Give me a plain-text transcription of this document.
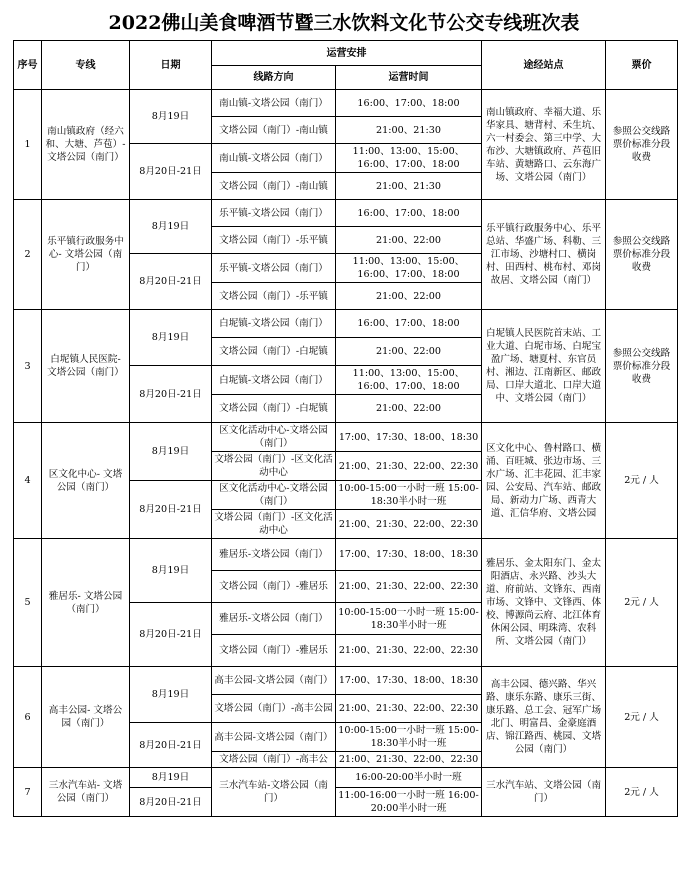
2022佛山美食啤酒节暨三水饮料文化节公交专线班次表
序号	专线	日期	运营安排		途经站点	票价
			线路方向	运营时间		
1	南山镇政府（经六和、大塘、芦苞）- 文塔公园（南门）	8月19日	南山镇-文塔公园（南门）	16:00、17:00、18:00	南山镇政府、幸福大道、乐华家具、塘背村、禾生坑、六一村委会、第三中学、大布沙、大塘镇政府、芦苞旧车站、黄塘路口、云东海广场、文塔公园（南门）	参照公交线路票价标准分段收费
			文塔公园（南门）-南山镇	21:00、21:30		
		8月20日-21日	南山镇-文塔公园（南门）	11:00、13:00、15:00、16:00、17:00、18:00		
			文塔公园（南门）-南山镇	21:00、21:30		
2	乐平镇行政服务中心- 文塔公园（南门）	8月19日	乐平镇-文塔公园（南门）	16:00、17:00、18:00	乐平镇行政服务中心、乐平总站、华盛广场、科勒、三江市场、沙塘村口、横岗村、田西村、桃布村、邓岗故居、文塔公园（南门）	参照公交线路票价标准分段收费
			文塔公园（南门）-乐平镇	21:00、22:00		
		8月20日-21日	乐平镇-文塔公园（南门）	11:00、13:00、15:00、16:00、17:00、18:00		
			文塔公园（南门）-乐平镇	21:00、22:00		
3	白坭镇人民医院- 文塔公园（南门）	8月19日	白坭镇-文塔公园（南门）	16:00、17:00、18:00	白坭镇人民医院首末站、工业大道、白坭市场、白坭宝盈广场、塘夏村、东官员村、湘边、江南新区、邮政局、口岸大道北、口岸大道中、文塔公园（南门）	参照公交线路票价标准分段收费
			文塔公园（南门）-白坭镇	21:00、22:00		
		8月20日-21日	白坭镇-文塔公园（南门）	11:00、13:00、15:00、16:00、17:00、18:00		
			文塔公园（南门）-白坭镇	21:00、22:00		
4	区文化中心- 文塔公园（南门）	8月19日	区文化活动中心-文塔公园（南门）	17:00、17:30、18:00、18:30	区文化中心、鲁村路口、横涌、百旺城、张边市场、三水广场、汇丰花园、汇丰家园、公安局、汽车站、邮政局、新动力广场、西青大道、汇信华府、文塔公园	2元 / 人
			文塔公园（南门）-区文化活动中心	21:00、21:30、22:00、22:30		
		8月20日-21日	区文化活动中心-文塔公园（南门）	10:00-15:00一小时一班 15:00-18:30半小时一班		
			文塔公园（南门）-区文化活动中心	21:00、21:30、22:00、22:30		
5	雅居乐- 文塔公园（南门）	8月19日	雅居乐-文塔公园（南门）	17:00、17:30、18:00、18:30	雅居乐、金太阳东门、金太阳酒店、永兴路、沙头大道、府前站、文锋东、西南市场、文锋中、文锋西、体校、博源尚云府、北江体育休闲公园、明珠湾、农科所、文塔公园（南门）	2元 / 人
			文塔公园（南门）-雅居乐	21:00、21:30、22:00、22:30		
		8月20日-21日	雅居乐-文塔公园（南门）	10:00-15:00一小时一班 15:00-18:30半小时一班		
			文塔公园（南门）-雅居乐	21:00、21:30、22:00、22:30		
6	高丰公园- 文塔公园（南门）	8月19日	高丰公园-文塔公园（南门）	17:00、17:30、18:00、18:30	高丰公园、德兴路、华兴路、康乐东路、康乐三街、康乐路、总工会、冠军广场北门、明富昌、金豪庭酒店、锦江路西、桃园、文塔公园（南门）	2元 / 人
			文塔公园（南门）-高丰公园	21:00、21:30、22:00、22:30		
		8月20日-21日	高丰公园-文塔公园（南门）	10:00-15:00一小时一班 15:00-18:30半小时一班		
			文塔公园（南门）-高丰公	21:00、21:30、22:00、22:30		
7	三水汽车站- 文塔公园（南门）	8月19日	三水汽车站-文塔公园（南门）	16:00-20:00半小时一班	三水汽车站、文塔公园（南门）	2元 / 人
		8月20日-21日		11:00-16:00一小时一班 16:00-20:00半小时一班		
